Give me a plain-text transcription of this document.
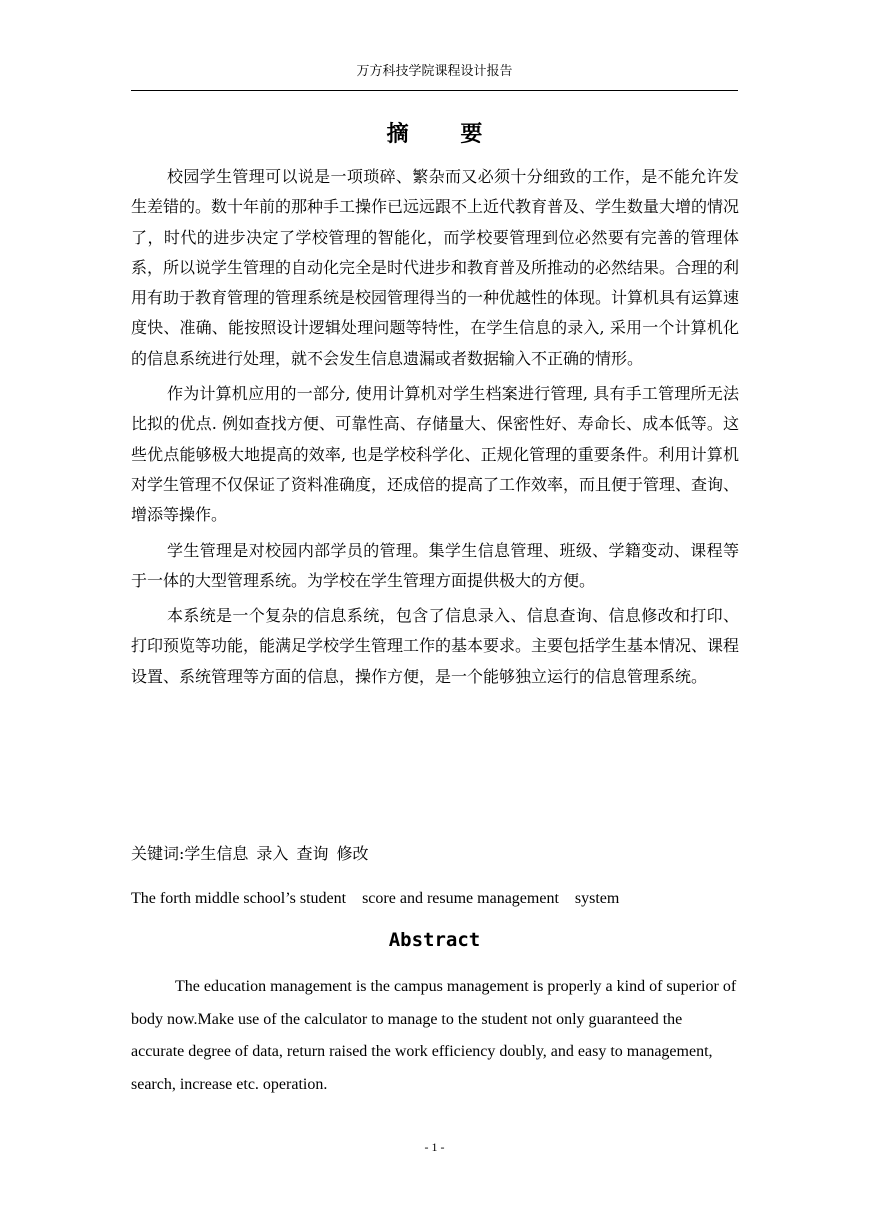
万方科技学院课程设计报告
摘 要

校园学生管理可以说是一项琐碎、繁杂而又必须十分细致的工作，是不能允许发生差错的。数十年前的那种手工操作已远远跟不上近代教育普及、学生数量大增的情况了，时代的进步决定了学校管理的智能化，而学校要管理到位必然要有完善的管理体系，所以说学生管理的自动化完全是时代进步和教育普及所推动的必然结果。合理的利用有助于教育管理的管理系统是校园管理得当的一种优越性的体现。计算机具有运算速度快、准确、能按照设计逻辑处理问题等特性，在学生信息的录入, 采用一个计算机化的信息系统进行处理，就不会发生信息遗漏或者数据输入不正确的情形。

作为计算机应用的一部分, 使用计算机对学生档案进行管理, 具有手工管理所无法比拟的优点. 例如查找方便、可靠性高、存储量大、保密性好、寿命长、成本低等。这些优点能够极大地提高的效率, 也是学校科学化、正规化管理的重要条件。利用计算机对学生管理不仅保证了资料准确度，还成倍的提高了工作效率，而且便于管理、查询、增添等操作。

学生管理是对校园内部学员的管理。集学生信息管理、班级、学籍变动、课程等于一体的大型管理系统。为学校在学生管理方面提供极大的方便。

本系统是一个复杂的信息系统，包含了信息录入、信息查询、信息修改和打印、打印预览等功能，能满足学校学生管理工作的基本要求。主要包括学生基本情况、课程设置、系统管理等方面的信息，操作方便，是一个能够独立运行的信息管理系统。

关键词:学生信息 录入 查询 修改
The forth middle school’s student    score and resume management    system
Abstract

The education management is the campus management is properly a kind of superior of body now.Make use of the calculator to manage to the student not only guaranteed the accurate degree of data, return raised the work efficiency doubly, and easy to management, search, increase etc. operation.

- 1 -
